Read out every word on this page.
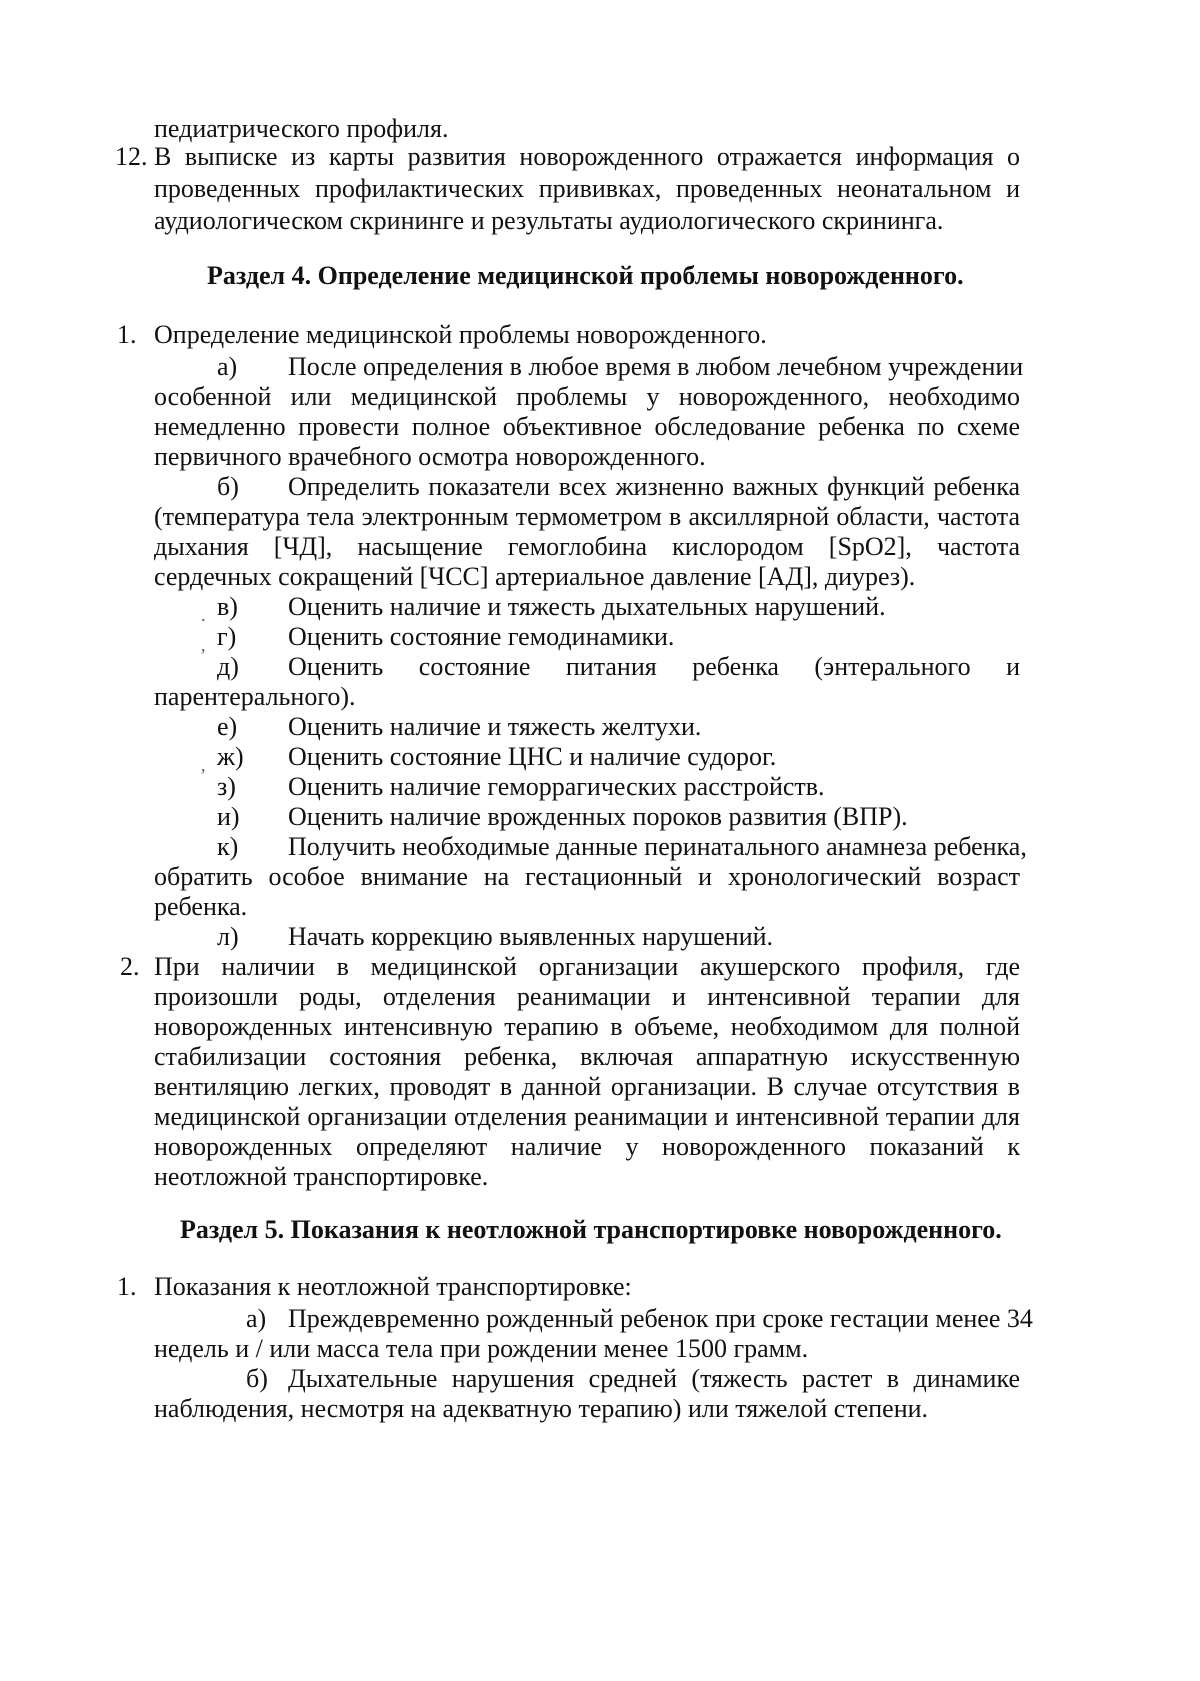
педиатрического профиля.
12. В выписке из карты развития новорожденного отражается информация о
проведенных профилактических прививках, проведенных неонатальном и
аудиологическом скрининге и результаты аудиологического скрининга.
Раздел 4. Определение медицинской проблемы новорожденного.
1. Определение медицинской проблемы новорожденного.
а) После определения в любое время в любом лечебном учреждении
особенной или медицинской проблемы у новорожденного, необходимо
немедленно провести полное объективное обследование ребенка по схеме
первичного врачебного осмотра новорожденного.
б) Определить показатели всех жизненно важных функций ребенка
(температура тела электронным термометром в аксиллярной области, частота
дыхания [ЧД], насыщение гемоглобина кислородом [SpO2], частота
сердечных сокращений [ЧСС] артериальное давление [АД], диурез).
. в) Оценить наличие и тяжесть дыхательных нарушений.
, г) Оценить состояние гемодинамики.
д) Оценить состояние питания ребенка (энтерального и
парентерального).
е) Оценить наличие и тяжесть желтухи.
, ж) Оценить состояние ЦНС и наличие судорог.
з) Оценить наличие геморрагических расстройств.
и) Оценить наличие врожденных пороков развития (ВПР).
к) Получить необходимые данные перинатального анамнеза ребенка,
обратить особое внимание на гестационный и хронологический возраст
ребенка.
л) Начать коррекцию выявленных нарушений.
2. При наличии в медицинской организации акушерского профиля, где
произошли роды, отделения реанимации и интенсивной терапии для
новорожденных интенсивную терапию в объеме, необходимом для полной
стабилизации состояния ребенка, включая аппаратную искусственную
вентиляцию легких, проводят в данной организации. В случае отсутствия в
медицинской организации отделения реанимации и интенсивной терапии для
новорожденных определяют наличие у новорожденного показаний к
неотложной транспортировке.
Раздел 5. Показания к неотложной транспортировке новорожденного.
1. Показания к неотложной транспортировке:
а) Преждевременно рожденный ребенок при сроке гестации менее 34
недель и / или масса тела при рождении менее 1500 грамм.
б) Дыхательные нарушения средней (тяжесть растет в динамике
наблюдения, несмотря на адекватную терапию) или тяжелой степени.
